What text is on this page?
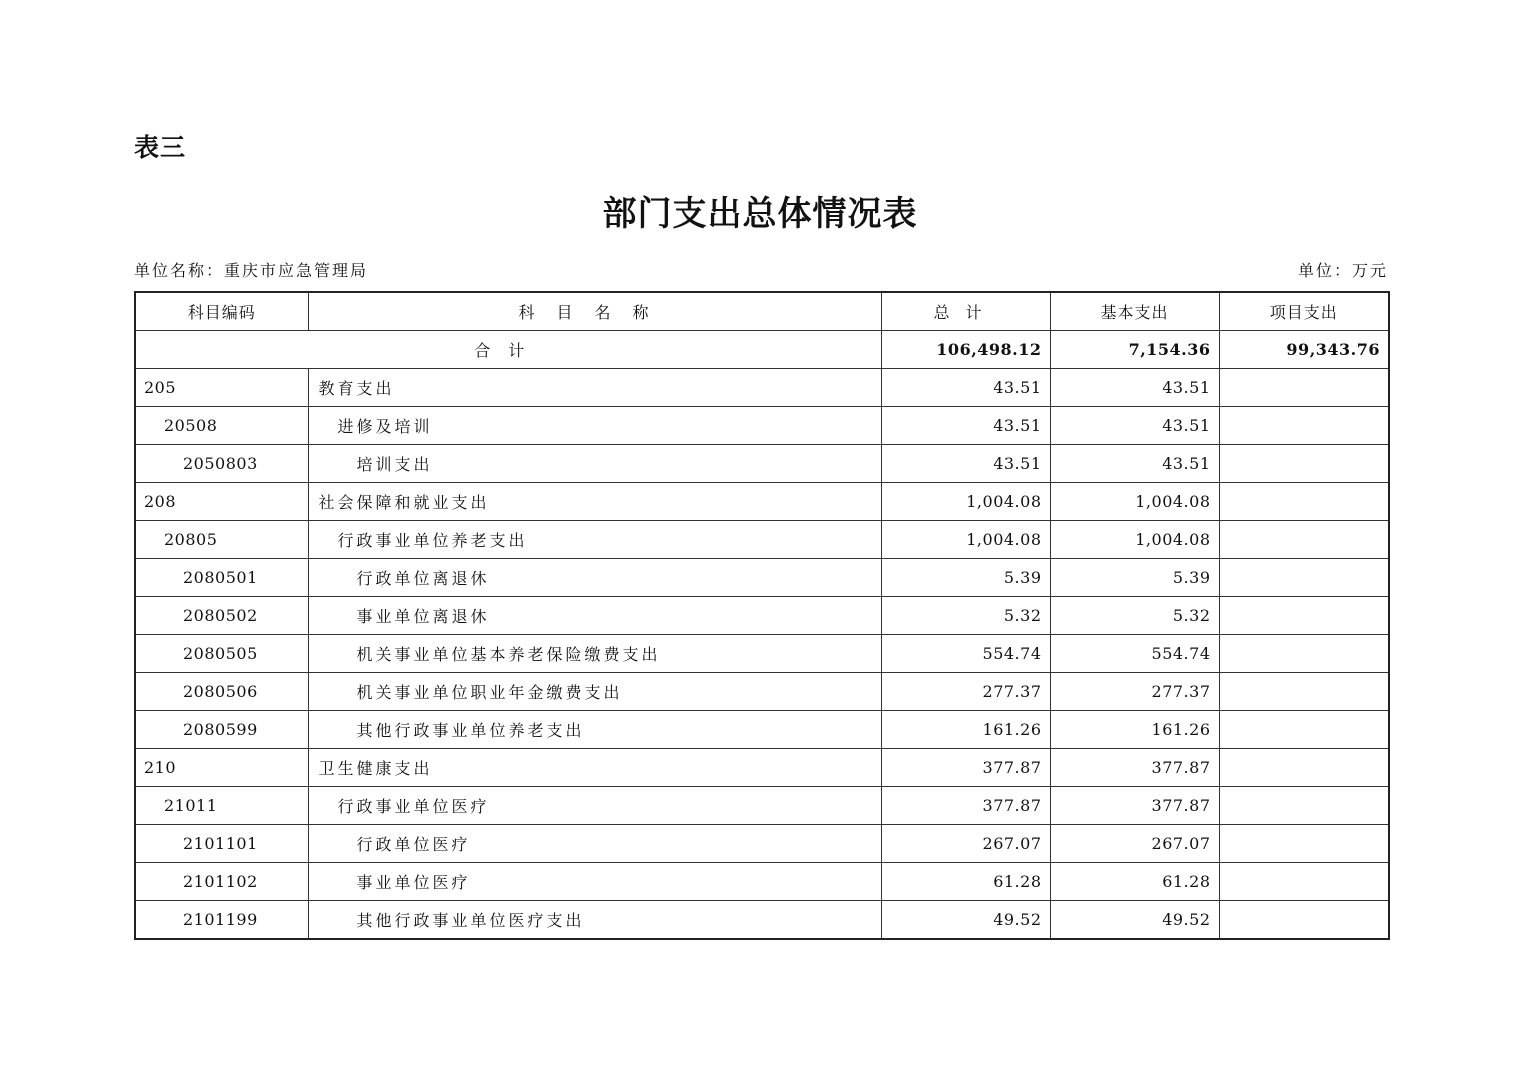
表三
部门支出总体情况表
单位名称：重庆市应急管理局	单位：万元
科目编码	科目名称	总计	基本支出	项目支出
合计		106,498.12	7,154.36	99,343.76
205	教育支出	43.51	43.51	
20508	进修及培训	43.51	43.51	
2050803	培训支出	43.51	43.51	
208	社会保障和就业支出	1,004.08	1,004.08	
20805	行政事业单位养老支出	1,004.08	1,004.08	
2080501	行政单位离退休	5.39	5.39	
2080502	事业单位离退休	5.32	5.32	
2080505	机关事业单位基本养老保险缴费支出	554.74	554.74	
2080506	机关事业单位职业年金缴费支出	277.37	277.37	
2080599	其他行政事业单位养老支出	161.26	161.26	
210	卫生健康支出	377.87	377.87	
21011	行政事业单位医疗	377.87	377.87	
2101101	行政单位医疗	267.07	267.07	
2101102	事业单位医疗	61.28	61.28	
2101199	其他行政事业单位医疗支出	49.52	49.52	
